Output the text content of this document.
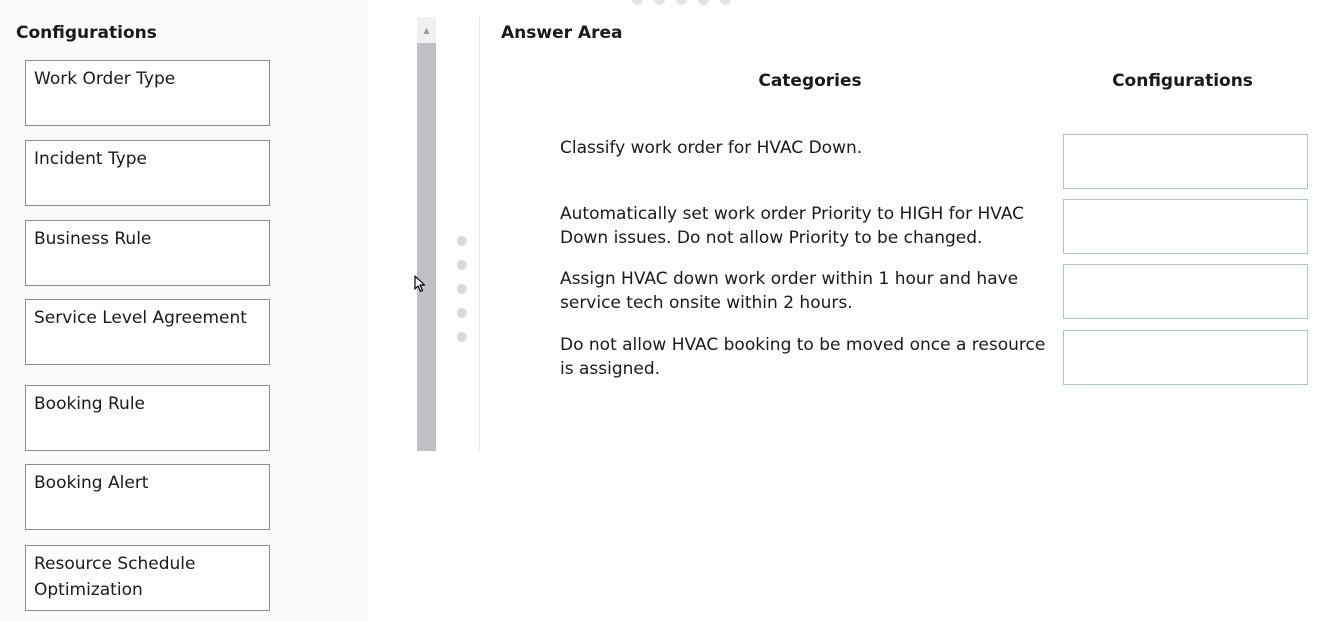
Configurations
Work Order Type
Incident Type
Business Rule
Service Level Agreement
Booking Rule
Booking Alert
Resource Schedule Optimization
▲	Answer Area
Categories	Configurations
Classify work order for HVAC Down.
Automatically set work order Priority to HIGH for HVAC Down issues. Do not allow Priority to be changed.
Assign HVAC down work order within 1 hour and have service tech onsite within 2 hours.
Do not allow HVAC booking to be moved once a resource is assigned.
